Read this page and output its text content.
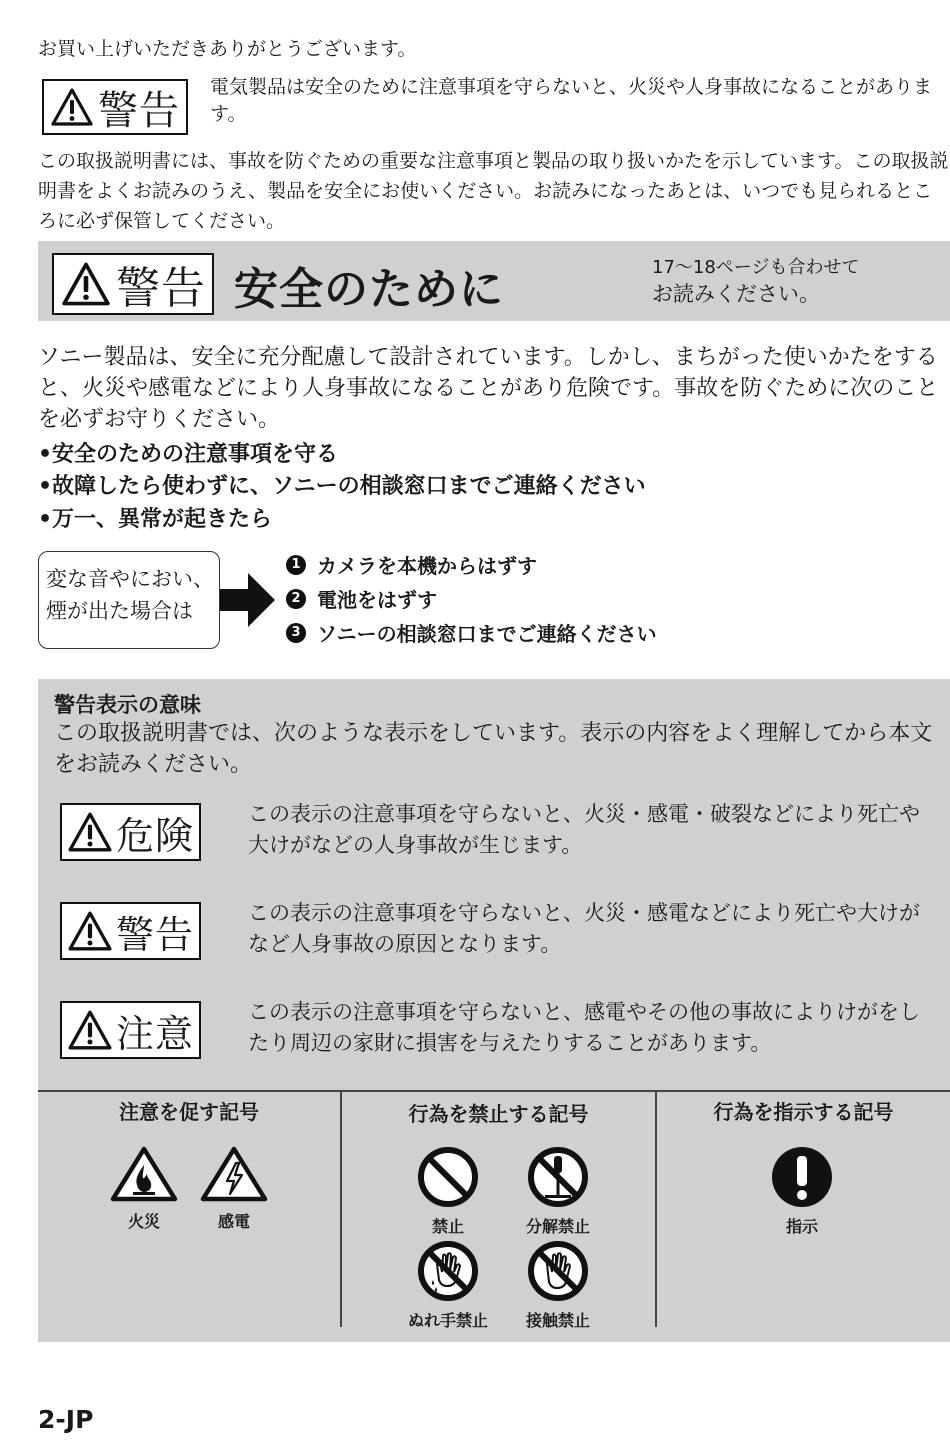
お買い上げいただきありがとうございます。
警告
電気製品は安全のために注意事項を守らないと、火災や人身事故になることがあります。
この取扱説明書には、事故を防ぐための重要な注意事項と製品の取り扱いかたを示しています。この取扱説明書をよくお読みのうえ、製品を安全にお使いください。お読みになったあとは、いつでも見られるところに必ず保管してください。
警告 安全のために	17〜18ページも合わせて
お読みください。
ソニー製品は、安全に充分配慮して設計されています。しかし、まちがった使いかたをすると、火災や感電などにより人身事故になることがあり危険です。事故を防ぐために次のことを必ずお守りください。
•安全のための注意事項を守る
•故障したら使わずに、ソニーの相談窓口までご連絡ください
•万一、異常が起きたら
変な音やにおい、
煙が出た場合は
1 カメラを本機からはずす
2 電池をはずす
3 ソニーの相談窓口までご連絡ください
警告表示の意味
この取扱説明書では、次のような表示をしています。表示の内容をよく理解してから本文をお読みください。
危険	この表示の注意事項を守らないと、火災・感電・破裂などにより死亡や大けがなどの人身事故が生じます。
警告	この表示の注意事項を守らないと、火災・感電などにより死亡や大けがなど人身事故の原因となります。
注意	この表示の注意事項を守らないと、感電やその他の事故によりけがをしたり周辺の家財に損害を与えたりすることがあります。
注意を促す記号	行為を禁止する記号	行為を指示する記号
火災	感電	禁止	分解禁止
ぬれ手禁止	接触禁止
指示
2-JP
